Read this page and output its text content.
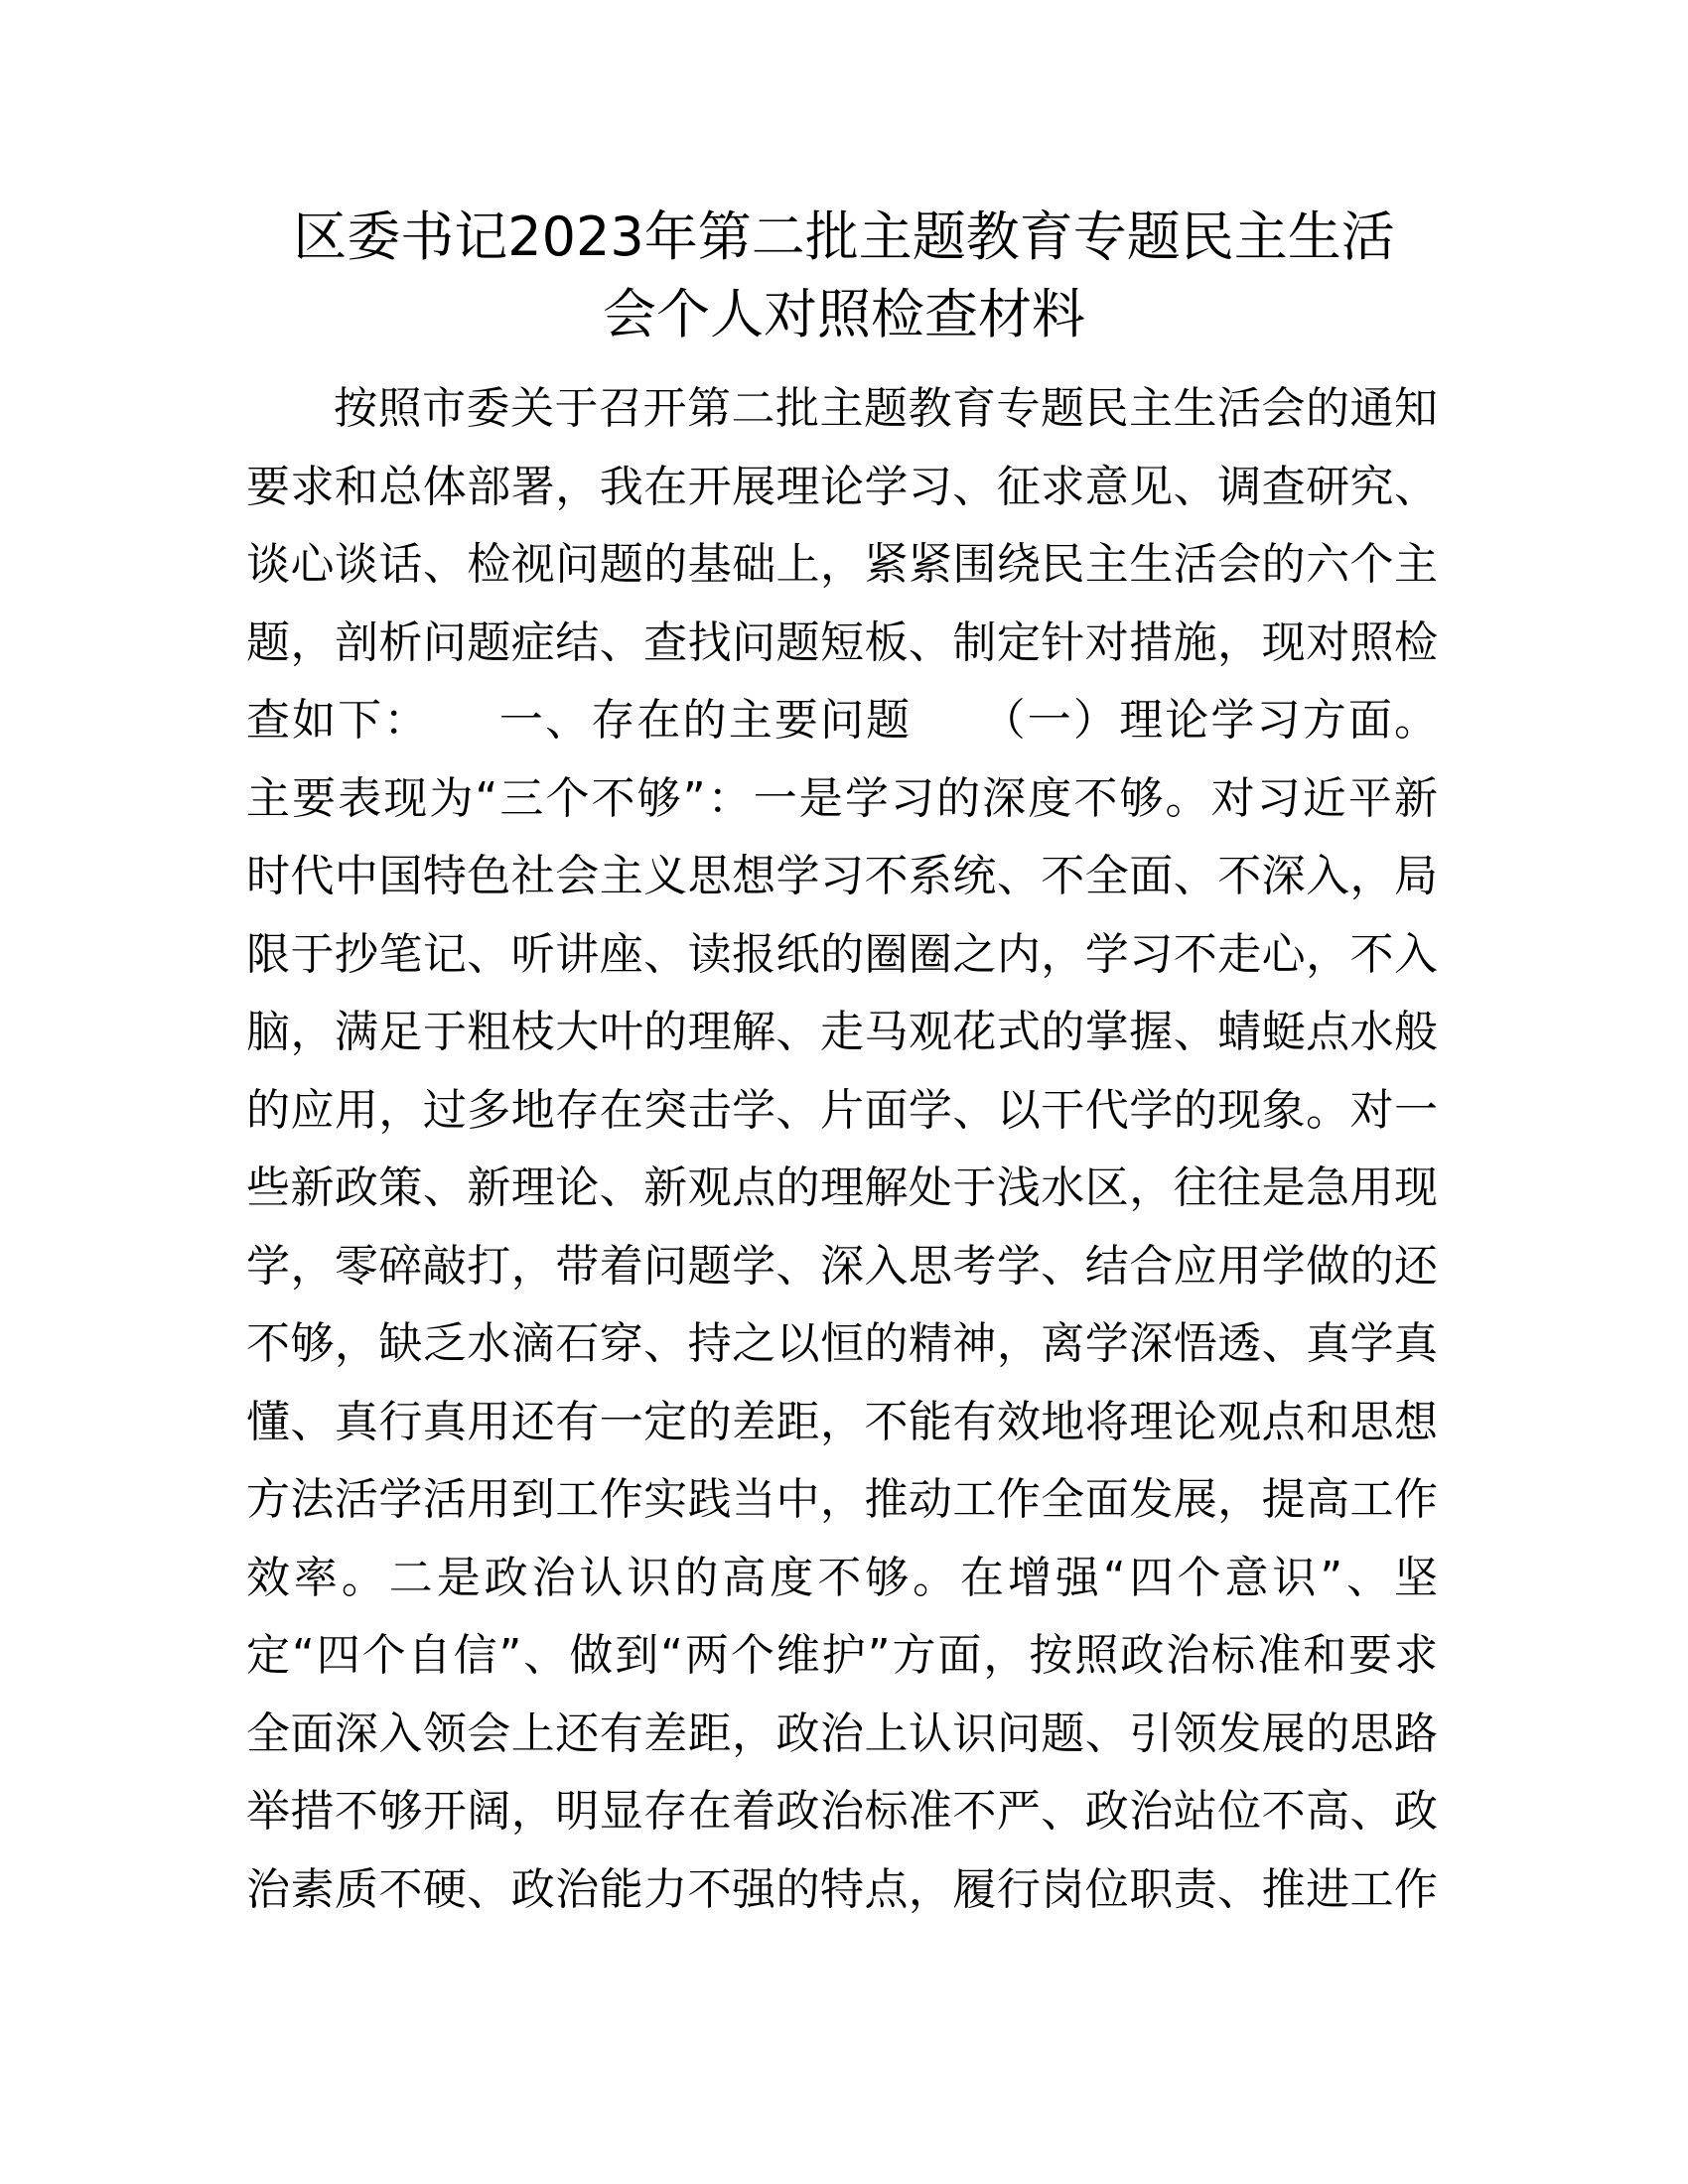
区委书记2023年第二批主题教育专题民主生活
会个人对照检查材料
按照市委关于召开第二批主题教育专题民主生活会的通知
要求和总体部署，我在开展理论学习、征求意见、调查研究、
谈心谈话、检视问题的基础上，紧紧围绕民主生活会的六个主
题，剖析问题症结、查找问题短板、制定针对措施，现对照检
查如下：　　一、存在的主要问题　　（一）理论学习方面。
主要表现为“三个不够”：一是学习的深度不够。对习近平新
时代中国特色社会主义思想学习不系统、不全面、不深入，局
限于抄笔记、听讲座、读报纸的圈圈之内，学习不走心，不入
脑，满足于粗枝大叶的理解、走马观花式的掌握、蜻蜓点水般
的应用，过多地存在突击学、片面学、以干代学的现象。对一
些新政策、新理论、新观点的理解处于浅水区，往往是急用现
学，零碎敲打，带着问题学、深入思考学、结合应用学做的还
不够，缺乏水滴石穿、持之以恒的精神，离学深悟透、真学真
懂、真行真用还有一定的差距，不能有效地将理论观点和思想
方法活学活用到工作实践当中，推动工作全面发展，提高工作
效率。二是政治认识的高度不够。在增强“四个意识”、坚
定“四个自信”、做到“两个维护”方面，按照政治标准和要求
全面深入领会上还有差距，政治上认识问题、引领发展的思路
举措不够开阔，明显存在着政治标准不严、政治站位不高、政
治素质不硬、政治能力不强的特点，履行岗位职责、推进工作
